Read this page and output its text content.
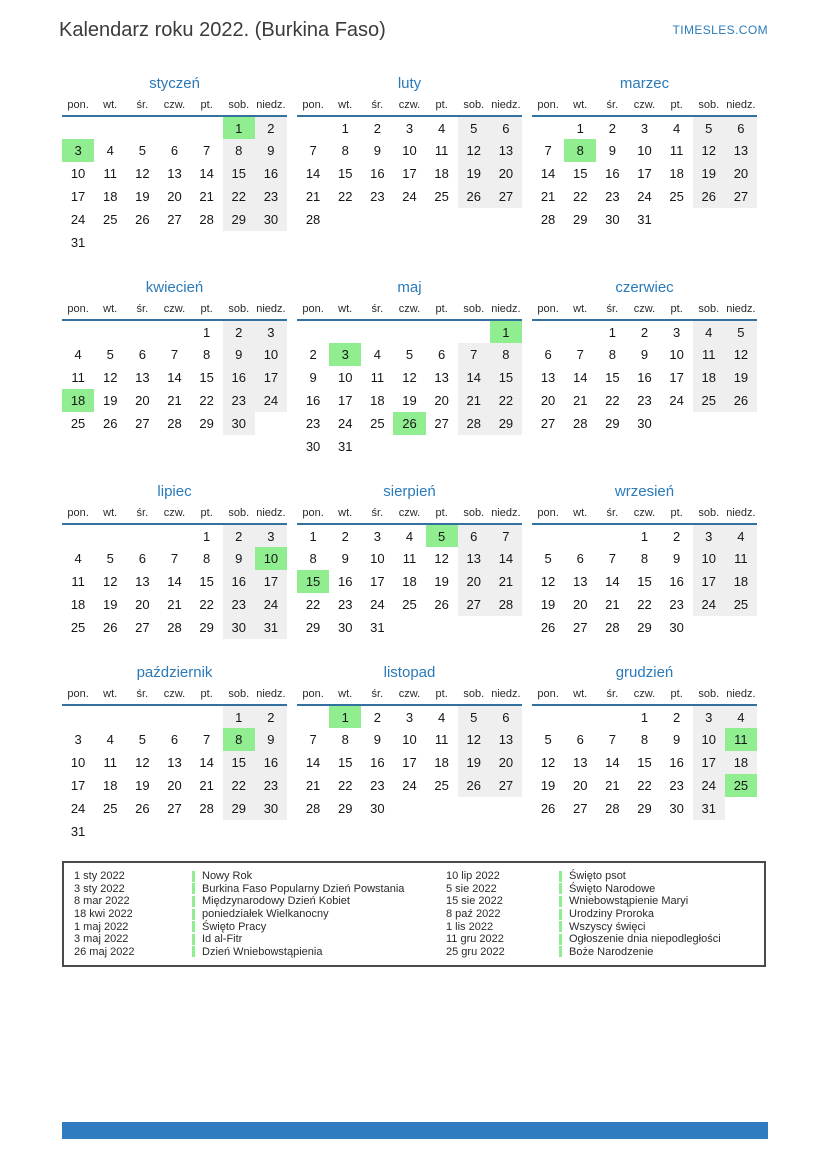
Kalendarz roku 2022. (Burkina Faso)	TIMESLES.COM
styczeń
pon.	wt.	śr.	czw.	pt.	sob.	niedz.
					1	2
3	4	5	6	7	8	9
10	11	12	13	14	15	16
17	18	19	20	21	22	23
24	25	26	27	28	29	30
31						
luty
pon.	wt.	śr.	czw.	pt.	sob.	niedz.
	1	2	3	4	5	6
7	8	9	10	11	12	13
14	15	16	17	18	19	20
21	22	23	24	25	26	27
28						
marzec
pon.	wt.	śr.	czw.	pt.	sob.	niedz.
	1	2	3	4	5	6
7	8	9	10	11	12	13
14	15	16	17	18	19	20
21	22	23	24	25	26	27
28	29	30	31			
kwiecień
pon.	wt.	śr.	czw.	pt.	sob.	niedz.
				1	2	3
4	5	6	7	8	9	10
11	12	13	14	15	16	17
18	19	20	21	22	23	24
25	26	27	28	29	30	
maj
pon.	wt.	śr.	czw.	pt.	sob.	niedz.
						1
2	3	4	5	6	7	8
9	10	11	12	13	14	15
16	17	18	19	20	21	22
23	24	25	26	27	28	29
30	31					
czerwiec
pon.	wt.	śr.	czw.	pt.	sob.	niedz.
		1	2	3	4	5
6	7	8	9	10	11	12
13	14	15	16	17	18	19
20	21	22	23	24	25	26
27	28	29	30			
lipiec
pon.	wt.	śr.	czw.	pt.	sob.	niedz.
				1	2	3
4	5	6	7	8	9	10
11	12	13	14	15	16	17
18	19	20	21	22	23	24
25	26	27	28	29	30	31
sierpień
pon.	wt.	śr.	czw.	pt.	sob.	niedz.
1	2	3	4	5	6	7
8	9	10	11	12	13	14
15	16	17	18	19	20	21
22	23	24	25	26	27	28
29	30	31				
wrzesień
pon.	wt.	śr.	czw.	pt.	sob.	niedz.
			1	2	3	4
5	6	7	8	9	10	11
12	13	14	15	16	17	18
19	20	21	22	23	24	25
26	27	28	29	30		
październik
pon.	wt.	śr.	czw.	pt.	sob.	niedz.
					1	2
3	4	5	6	7	8	9
10	11	12	13	14	15	16
17	18	19	20	21	22	23
24	25	26	27	28	29	30
31						
listopad
pon.	wt.	śr.	czw.	pt.	sob.	niedz.
	1	2	3	4	5	6
7	8	9	10	11	12	13
14	15	16	17	18	19	20
21	22	23	24	25	26	27
28	29	30				
grudzień
pon.	wt.	śr.	czw.	pt.	sob.	niedz.
			1	2	3	4
5	6	7	8	9	10	11
12	13	14	15	16	17	18
19	20	21	22	23	24	25
26	27	28	29	30	31	
1 sty 2022	Nowy Rok
3 sty 2022	Burkina Faso Popularny Dzień Powstania
8 mar 2022	Międzynarodowy Dzień Kobiet
18 kwi 2022	poniedziałek Wielkanocny
1 maj 2022	Święto Pracy
3 maj 2022	Id al-Fitr
26 maj 2022	Dzień Wniebowstąpienia
10 lip 2022	Święto psot
5 sie 2022	Święto Narodowe
15 sie 2022	Wniebowstąpienie Maryi
8 paź 2022	Urodziny Proroka
1 lis 2022	Wszyscy święci
11 gru 2022	Ogłoszenie dnia niepodległości
25 gru 2022	Boże Narodzenie
